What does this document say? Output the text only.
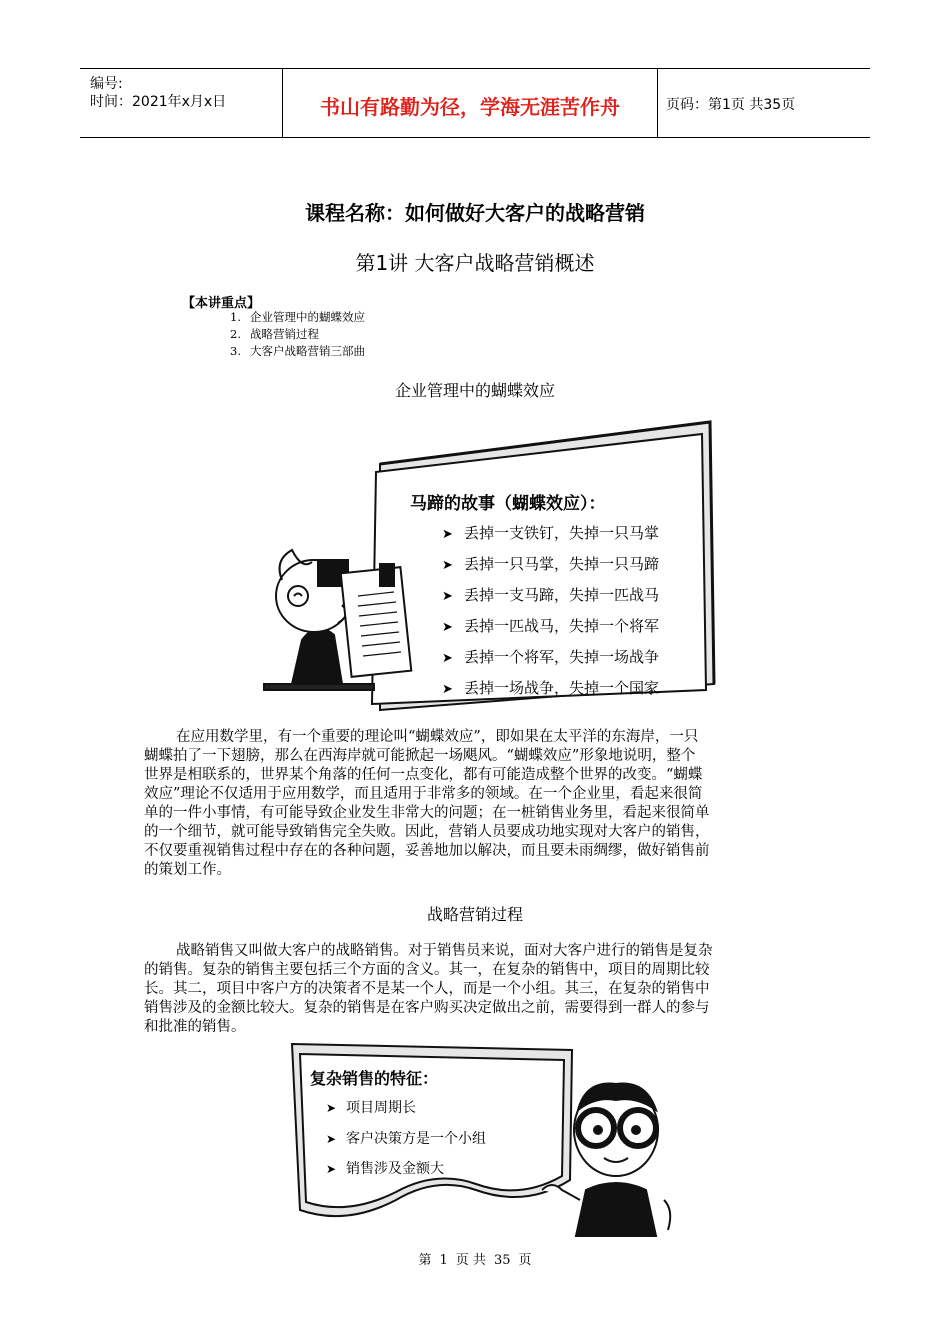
编号:
时间：2021年x月x日	书山有路勤为径，学海无涯苦作舟	页码：第1页 共35页
课程名称：如何做好大客户的战略营销
第1讲 大客户战略营销概述
【本讲重点】
1. 企业管理中的蝴蝶效应
2. 战略营销过程
3. 大客户战略营销三部曲
企业管理中的蝴蝶效应
马蹄的故事（蝴蝶效应）：
➤ 丢掉一支铁钉，失掉一只马掌
➤ 丢掉一只马掌，失掉一只马蹄
➤ 丢掉一支马蹄，失掉一匹战马
➤ 丢掉一匹战马，失掉一个将军
➤ 丢掉一个将军，失掉一场战争
➤ 丢掉一场战争，失掉一个国家
在应用数学里，有一个重要的理论叫“蝴蝶效应”，即如果在太平洋的东海岸，一只
蝴蝶拍了一下翅膀，那么在西海岸就可能掀起一场飓风。“蝴蝶效应”形象地说明，整个
世界是相联系的，世界某个角落的任何一点变化，都有可能造成整个世界的改变。“蝴蝶
效应”理论不仅适用于应用数学，而且适用于非常多的领域。在一个企业里，看起来很简
单的一件小事情，有可能导致企业发生非常大的问题；在一桩销售业务里，看起来很简单
的一个细节，就可能导致销售完全失败。因此，营销人员要成功地实现对大客户的销售，
不仅要重视销售过程中存在的各种问题，妥善地加以解决，而且要未雨绸缪，做好销售前
的策划工作。
战略营销过程
战略销售又叫做大客户的战略销售。对于销售员来说，面对大客户进行的销售是复杂
的销售。复杂的销售主要包括三个方面的含义。其一，在复杂的销售中，项目的周期比较
长。其二，项目中客户方的决策者不是某一个人，而是一个小组。其三，在复杂的销售中
销售涉及的金额比较大。复杂的销售是在客户购买决定做出之前，需要得到一群人的参与
和批准的销售。
复杂销售的特征：
➤ 项目周期长
➤ 客户决策方是一个小组
➤ 销售涉及金额大
第 1 页 共 35 页
